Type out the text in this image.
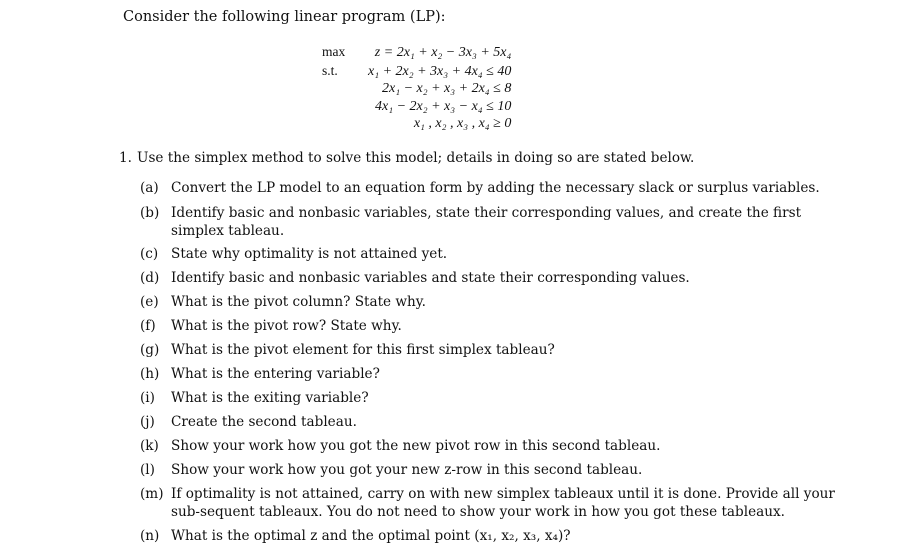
Consider the following linear program (LP):
max	z = 2x₁ + x₂ − 3x₃ + 5x₄
s.t.	x₁ + 2x₂ + 3x₃ + 4x₄ ≤ 40
	2x₁ − x₂ + x₃ + 2x₄ ≤ 8
	4x₁ − 2x₂ + x₃ − x₄ ≤ 10
	x₁ , x₂ , x₃ , x₄ ≥ 0
1. Use the simplex method to solve this model; details in doing so are stated below.
(a) Convert the LP model to an equation form by adding the necessary slack or surplus variables.
(b) Identify basic and nonbasic variables, state their corresponding values, and create the first simplex tableau.
(c) State why optimality is not attained yet.
(d) Identify basic and nonbasic variables and state their corresponding values.
(e) What is the pivot column? State why.
(f)	What is the pivot row? State why.
(g) What is the pivot element for this first simplex tableau?
(h) What is the entering variable?
(i)	What is the exiting variable?
(j)	Create the second tableau.
(k) Show your work how you got the new pivot row in this second tableau.
(l)	Show your work how you got your new z-row in this second tableau.
(m) If optimality is not attained, carry on with new simplex tableaux until it is done. Provide all your sub-sequent tableaux. You do not need to show your work in how you got these tableaux.
(n) What is the optimal z and the optimal point (x₁, x₂, x₃, x₄)?
